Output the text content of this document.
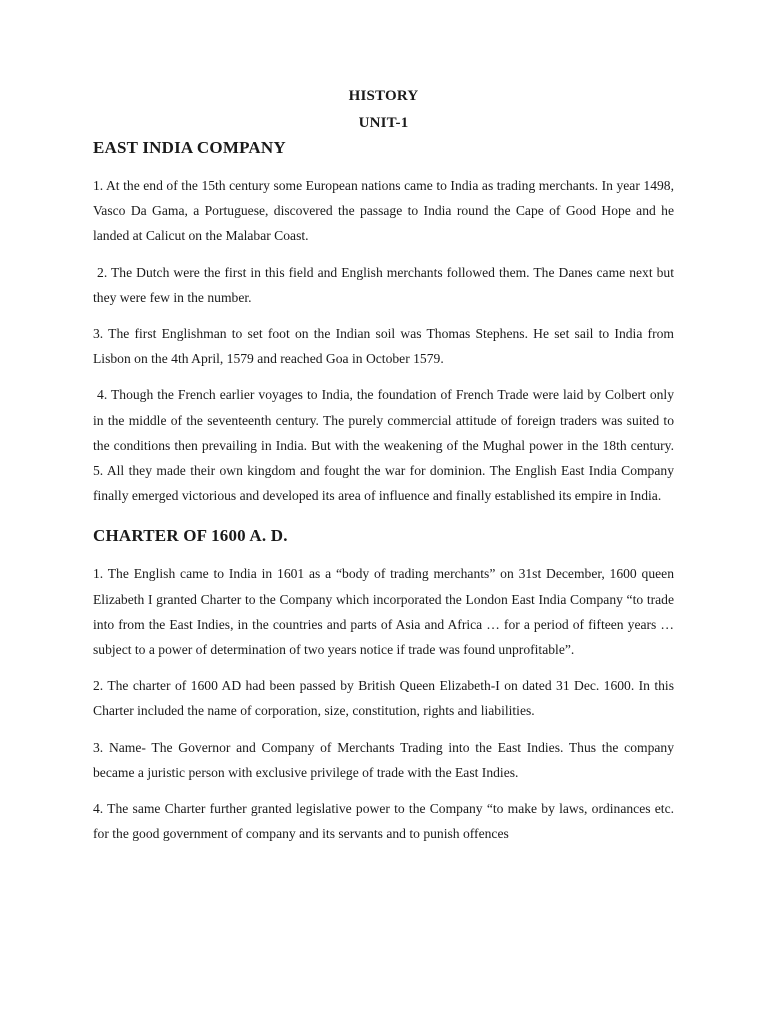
HISTORY

UNIT-1

EAST INDIA COMPANY

1. At the end of the 15th century some European nations came to India as trading merchants. In year 1498, Vasco Da Gama, a Portuguese, discovered the passage to India round the Cape of Good Hope and he landed at Calicut on the Malabar Coast.

2. The Dutch were the first in this field and English merchants followed them. The Danes came next but they were few in the number.

3. The first Englishman to set foot on the Indian soil was Thomas Stephens. He set sail to India from Lisbon on the 4th April, 1579 and reached Goa in October 1579.

4. Though the French earlier voyages to India, the foundation of French Trade were laid by Colbert only in the middle of the seventeenth century. The purely commercial attitude of foreign traders was suited to the conditions then prevailing in India. But with the weakening of the Mughal power in the 18th century. 5. All they made their own kingdom and fought the war for dominion. The English East India Company finally emerged victorious and developed its area of influence and finally established its empire in India.

CHARTER OF 1600 A. D.

1. The English came to India in 1601 as a “body of trading merchants” on 31st December, 1600 queen Elizabeth I granted Charter to the Company which incorporated the London East India Company “to trade into from the East Indies, in the countries and parts of Asia and Africa … for a period of fifteen years … subject to a power of determination of two years notice if trade was found unprofitable”.

2. The charter of 1600 AD had been passed by British Queen Elizabeth-I on dated 31 Dec. 1600. In this Charter included the name of corporation, size, constitution, rights and liabilities.

3. Name- The Governor and Company of Merchants Trading into the East Indies. Thus the company became a juristic person with exclusive privilege of trade with the East Indies.

4. The same Charter further granted legislative power to the Company “to make by laws, ordinances etc. for the good government of company and its servants and to punish offences
